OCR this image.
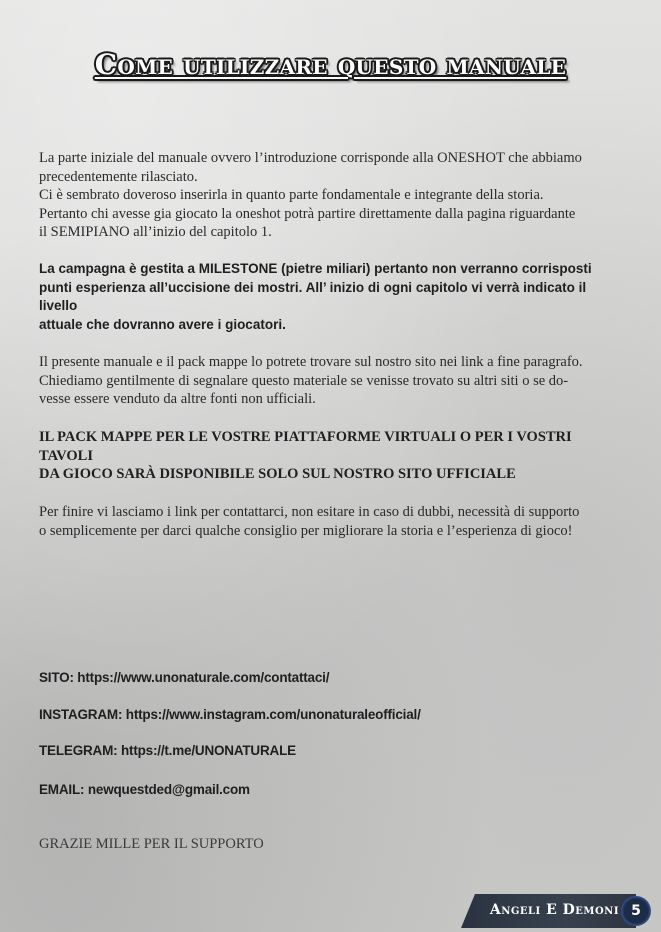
Come utilizzare questo manuale
La parte iniziale del manuale ovvero l’introduzione corrisponde alla ONESHOT che abbiamo
precedentemente rilasciato.
Ci è sembrato doveroso inserirla in quanto parte fondamentale e integrante della storia.
Pertanto chi avesse gia giocato la oneshot potrà partire direttamente dalla pagina riguardante
il SEMIPIANO all’inizio del capitolo 1.
La campagna è gestita a MILESTONE (pietre miliari) pertanto non verranno corrisposti
punti esperienza all’uccisione dei mostri. All’ inizio di ogni capitolo vi verrà indicato il livello
attuale che dovranno avere i giocatori.
Il presente manuale e il pack mappe lo potrete trovare sul nostro sito nei link a fine paragrafo.
Chiediamo gentilmente di segnalare questo materiale se venisse trovato su altri siti o se do-
vesse essere venduto da altre fonti non ufficiali.
IL PACK MAPPE PER LE VOSTRE PIATTAFORME VIRTUALI O PER I VOSTRI TAVOLI
DA GIOCO SARÀ DISPONIBILE SOLO SUL NOSTRO SITO UFFICIALE
Per finire vi lasciamo i link per contattarci, non esitare in caso di dubbi, necessità di supporto
o semplicemente per darci qualche consiglio per migliorare la storia e l’esperienza di gioco!
SITO: https://www.unonaturale.com/contattaci/
INSTAGRAM: https://www.instagram.com/unonaturaleofficial/
TELEGRAM: https://t.me/UNONATURALE
EMAIL: newquestded@gmail.com
GRAZIE MILLE PER IL SUPPORTO
Angeli E Demoni 5
